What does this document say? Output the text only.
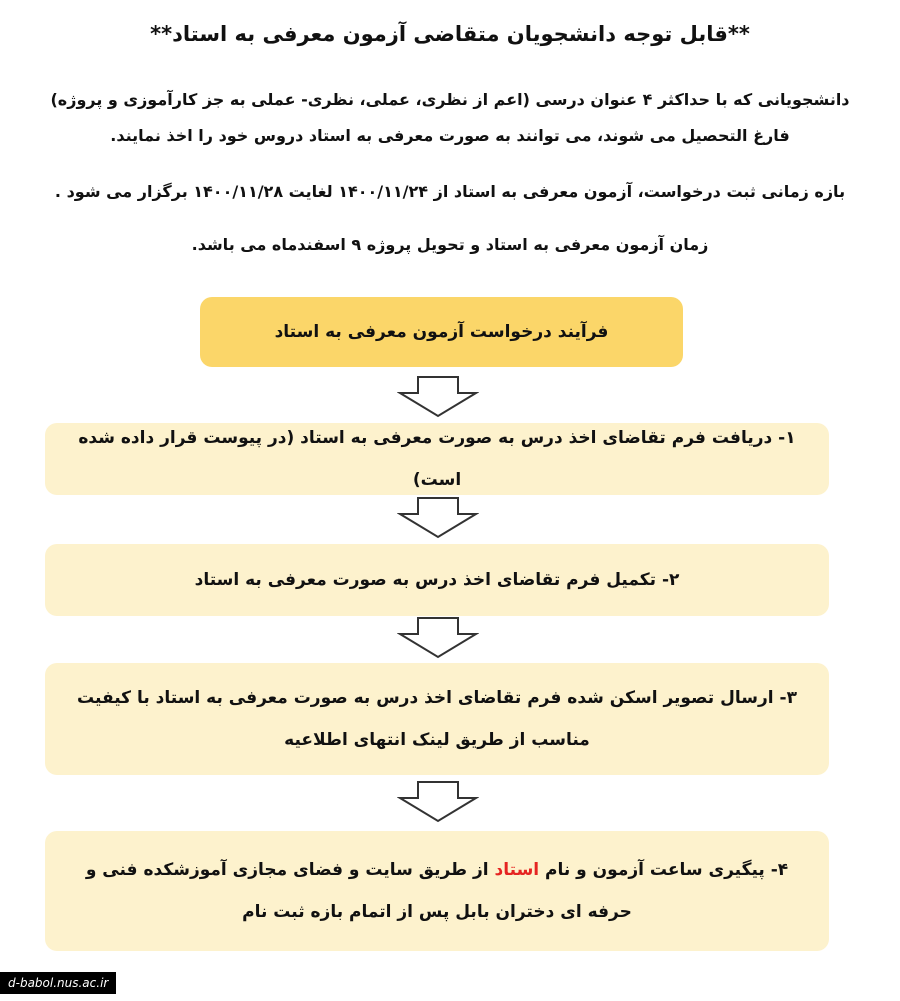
**قابل توجه دانشجویان متقاضی آزمون معرفی به استاد**
دانشجویانی که با حداکثر ۴ عنوان درسی (اعم از نظری، عملی، نظری- عملی به جز کارآموزی و پروژه) فارغ التحصیل می شوند، می توانند به صورت معرفی به استاد دروس خود را اخذ نمایند.
بازه زمانی ثبت درخواست، آزمون معرفی به استاد از ۱۴۰۰/۱۱/۲۴ لغایت ۱۴۰۰/۱۱/۲۸ برگزار می شود .
زمان آزمون معرفی به استاد و تحویل پروژه ۹ اسفندماه می باشد.
فرآیند درخواست آزمون معرفی به استاد
۱- دریافت فرم تقاضای اخذ درس به صورت معرفی به استاد (در پیوست قرار داده شده است)
۲- تکمیل فرم تقاضای اخذ درس به صورت معرفی به استاد
۳- ارسال تصویر اسکن شده فرم تقاضای اخذ درس به صورت معرفی به استاد با کیفیت مناسب از طریق لینک انتهای اطلاعیه
۴- پیگیری ساعت آزمون و نام استاد از طریق سایت و فضای مجازی آموزشکده فنی و حرفه ای دختران بابل پس از اتمام بازه ثبت نام
d-babol.nus.ac.ir
